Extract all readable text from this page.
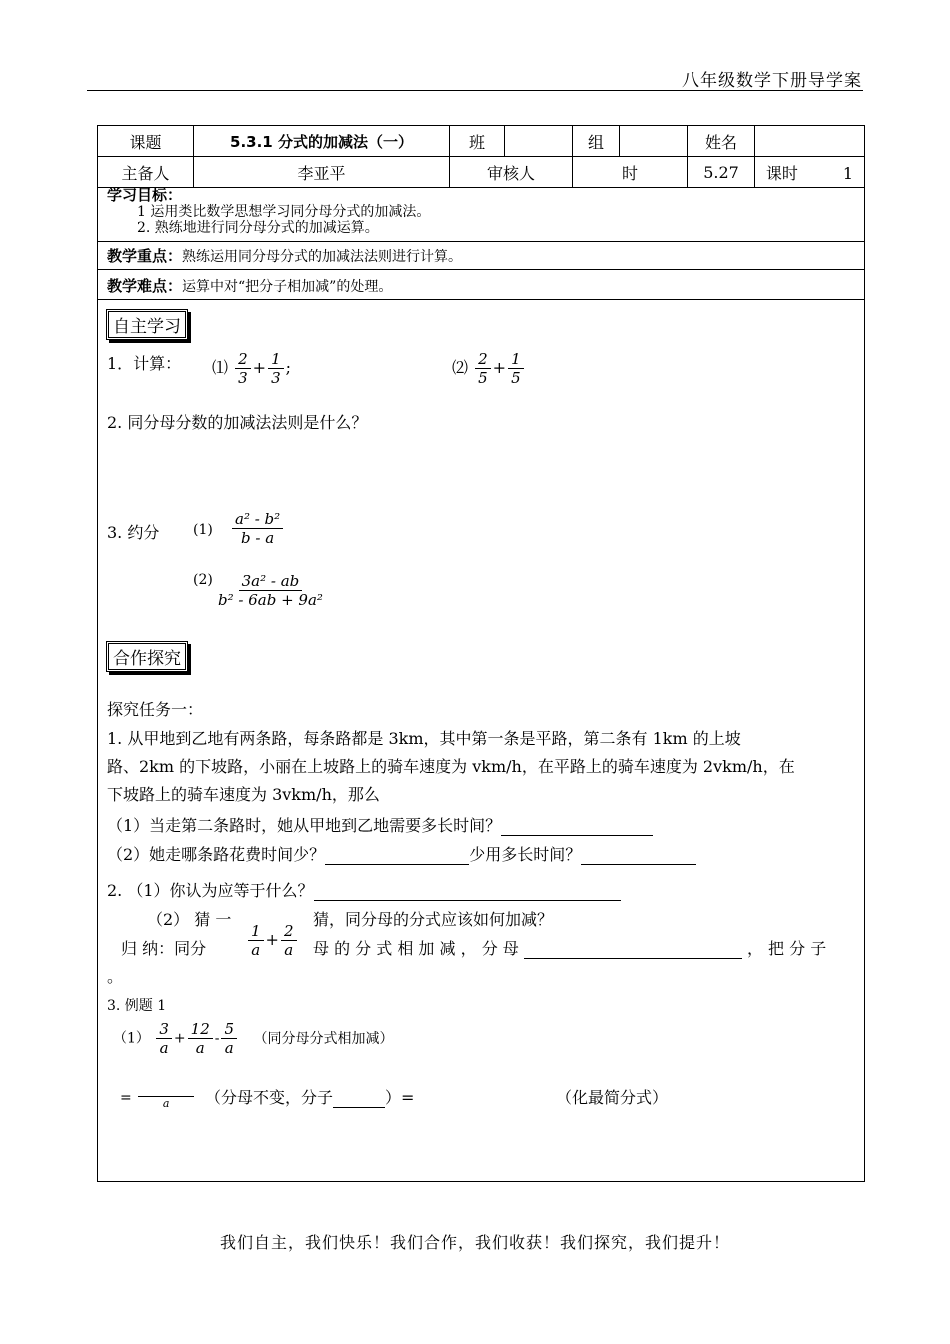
八年级数学下册导学案
课题	5.3.1 分式的加减法（一）	班		组		姓名	
主备人	李亚平	审核人		时		5.27	课时 1
学习目标：
1 运用类比数学思想学习同分母分式的加减法。
2. 熟练地进行同分母分式的加减运算。
教学重点：熟练运用同分母分式的加减法法则进行计算。
教学难点：运算中对“把分子相加减”的处理。
自主学习
1．计算： ⑴ $\frac{2}{3} + \frac{1}{3}$ ;	⑵ $\frac{2}{5} + \frac{1}{5}$
2. 同分母分数的加减法法则是什么？
3. 约分 $(1) \frac{\text{a² - b²}}{b - a}$
$(2) \frac{\text{3a² - ab}}{\text{b² - 6ab + 9a²}}$
合作探究
探究任务一：
1. 从甲地到乙地有两条路，每条路都是 3km，其中第一条是平路，第二条有 1km 的上坡
路、2km 的下坡路，小丽在上坡路上的骑车速度为 vkm/h，在平路上的骑车速度为 2vkm/h，在
下坡路上的骑车速度为 3vkm/h，那么
（1）当走第二条路时，她从甲地到乙地需要多长时间？
（2）她走哪条路花费时间少？	少用多长时间？
2. （1）你认为应等于什么？
（2） 猜 一	猜，同分母的分式应该如何加减？
归 纳：同分	$\frac{1}{a} + \frac{2}{a}$ 母 的 分 式 相 加 减 ， 分 母	， 把 分 子
。
3. 例题 1
$(1) \frac{3}{a} + \frac{12}{a} - \frac{5}{a}$ （同分母分式相加减）
=	a （分母不变，分子	）=	（化最简分式）
我们自主，我们快乐！我们合作，我们收获！我们探究，我们提升！
